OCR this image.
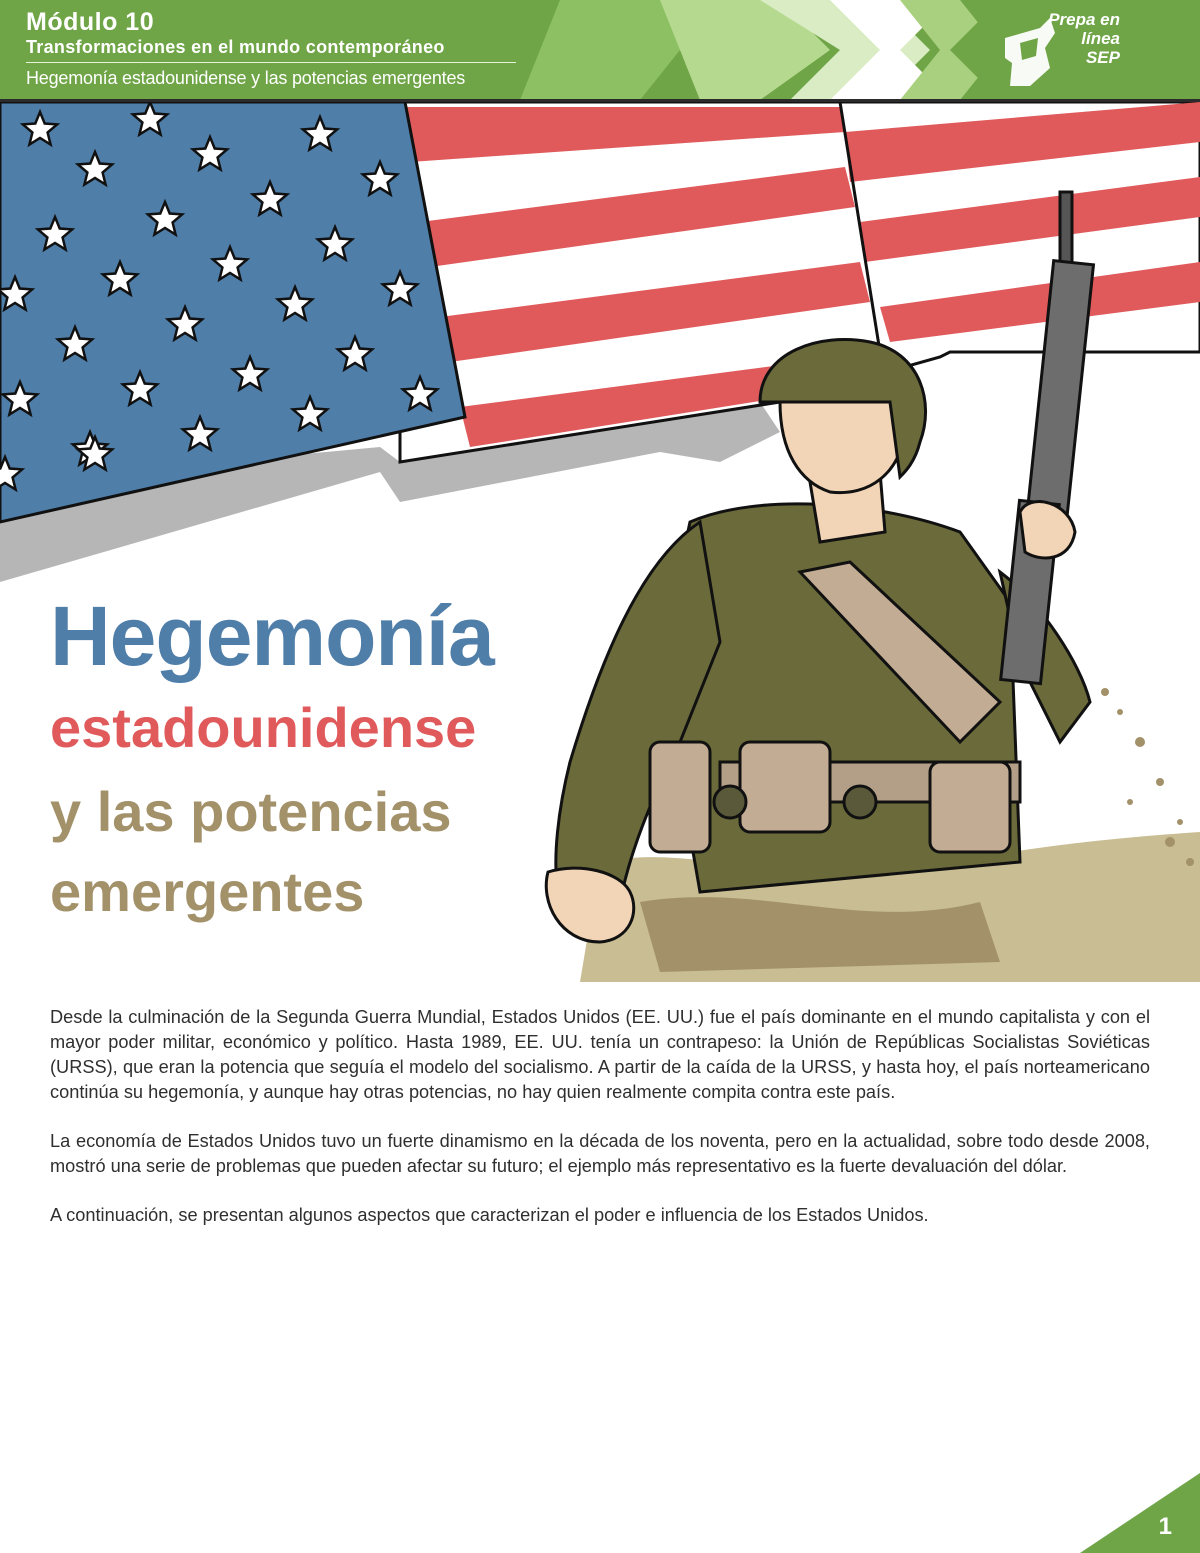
Módulo 10
Transformaciones en el mundo contemporáneo
Hegemonía estadounidense y las potencias emergentes
Prepa en
línea
SEP
Hegemonía
estadounidense
y las potencias
emergentes

Desde la culminación de la Segunda Guerra Mundial, Estados Unidos (EE. UU.) fue el país dominante en el mundo capitalista y con el mayor poder militar, económico y político. Hasta 1989, EE. UU. tenía un contrapeso: la Unión de Repúblicas Socialistas Soviéticas (URSS), que eran la potencia que seguía el modelo del socialismo. A partir de la caída de la URSS, y hasta hoy, el país norteamericano continúa su hegemonía, y aunque hay otras potencias, no hay quien realmente compita contra este país.

La economía de Estados Unidos tuvo un fuerte dinamismo en la década de los noventa, pero en la actualidad, sobre todo desde 2008, mostró una serie de problemas que pueden afectar su futuro; el ejemplo más representativo es la fuerte devaluación del dólar.

A continuación, se presentan algunos aspectos que caracterizan el poder e influencia de los Estados Unidos.

1
